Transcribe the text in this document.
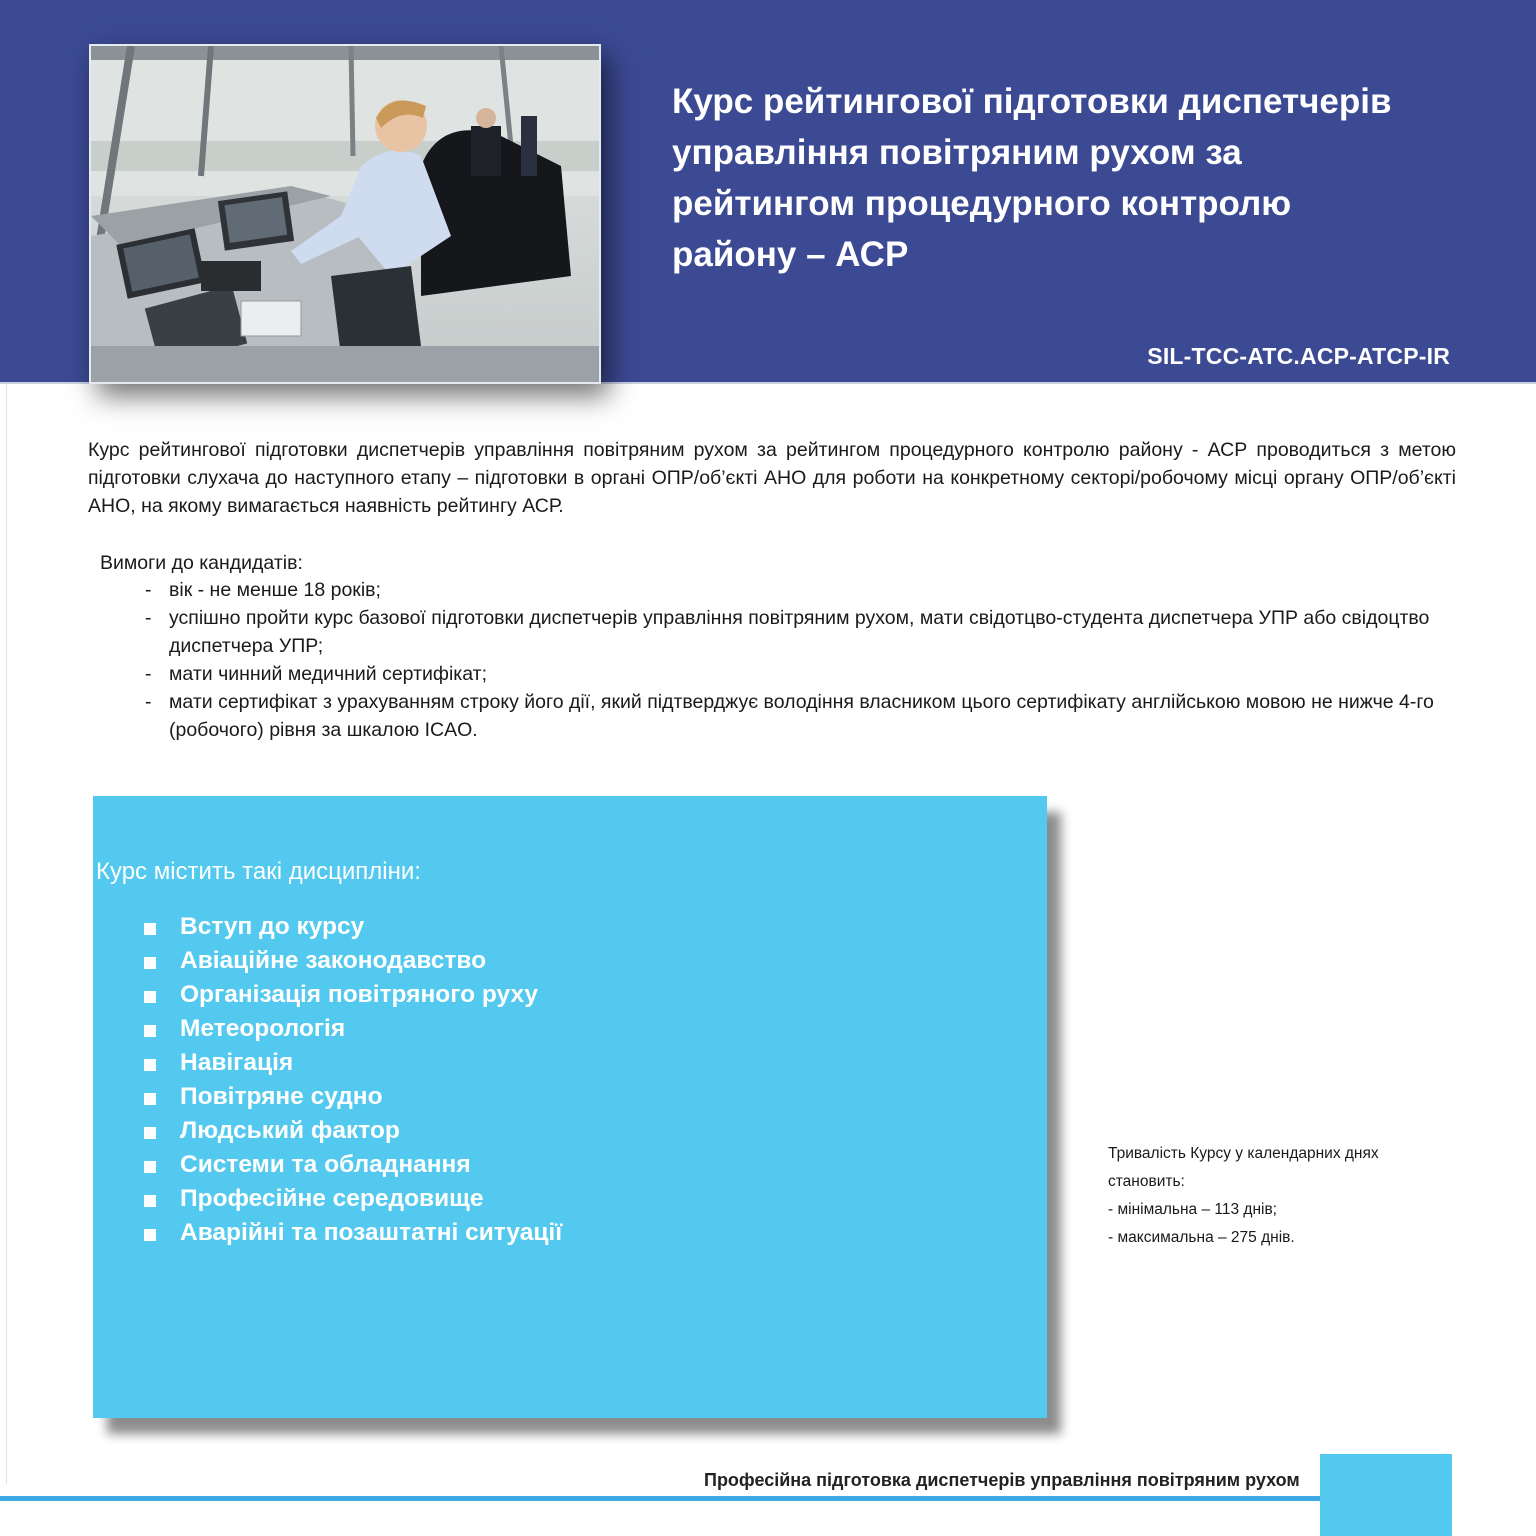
Курс рейтингової підготовки диспетчерів
управління повітряним рухом за
рейтингом процедурного контролю
району – АСР
SIL-TCC-ATC.ACP-ATCP-IR

Курс рейтингової підготовки диспетчерів управління повітряним рухом за рейтингом процедурного контролю району - АСР проводиться з метою підготовки слухача до наступного етапу – підготовки в органі ОПР/об’єкті АНО для роботи на конкретному секторі/робочому місці органу ОПР/об’єкті АНО, на якому вимагається наявність рейтингу АСР.

Вимоги до кандидатів:
- вік - не менше 18 років;
- успішно пройти курс базової підготовки диспетчерів управління повітряним рухом, мати свідотцво-студента диспетчера УПР або свідоцтво диспетчера УПР;
- мати чинний медичний сертифікат;
- мати сертифікат з урахуванням строку його дії, який підтверджує володіння власником цього сертифікату англійською мовою не нижче 4-го (робочого) рівня за шкалою ICAO.
Курс містить такі дисципліни:
Вступ до курсу
Авіаційне законодавство
Організація повітряного руху
Метеорологія
Навігація
Повітряне судно
Людський фактор
Системи та обладнання
Професійне середовище
Аварійні та позаштатні ситуації
Тривалість Курсу у календарних днях
становить:
- мінімальна – 113 днів;
- максимальна – 275 днів.
Професійна підготовка диспетчерів управління повітряним рухом
